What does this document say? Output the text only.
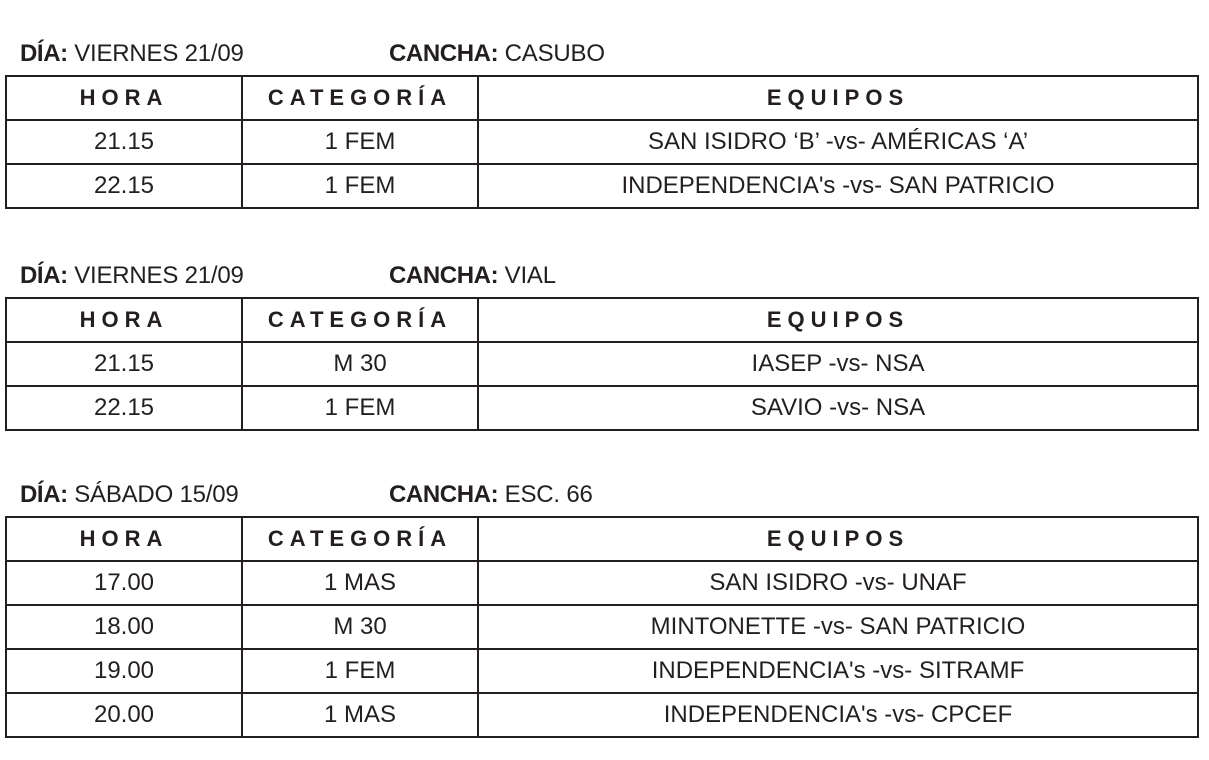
DÍA: VIERNES 21/09	CANCHA: CASUBO
HORA	CATEGORÍA	EQUIPOS
21.15	1 FEM	SAN ISIDRO ‘B’ -vs- AMÉRICAS ‘A’
22.15	1 FEM	INDEPENDENCIA's -vs- SAN PATRICIO
DÍA: VIERNES 21/09	CANCHA: VIAL
HORA	CATEGORÍA	EQUIPOS
21.15	M 30	IASEP -vs- NSA
22.15	1 FEM	SAVIO -vs- NSA
DÍA: SÁBADO 15/09	CANCHA: ESC. 66
HORA	CATEGORÍA	EQUIPOS
17.00	1 MAS	SAN ISIDRO -vs- UNAF
18.00	M 30	MINTONETTE -vs- SAN PATRICIO
19.00	1 FEM	INDEPENDENCIA's -vs- SITRAMF
20.00	1 MAS	INDEPENDENCIA's -vs- CPCEF
